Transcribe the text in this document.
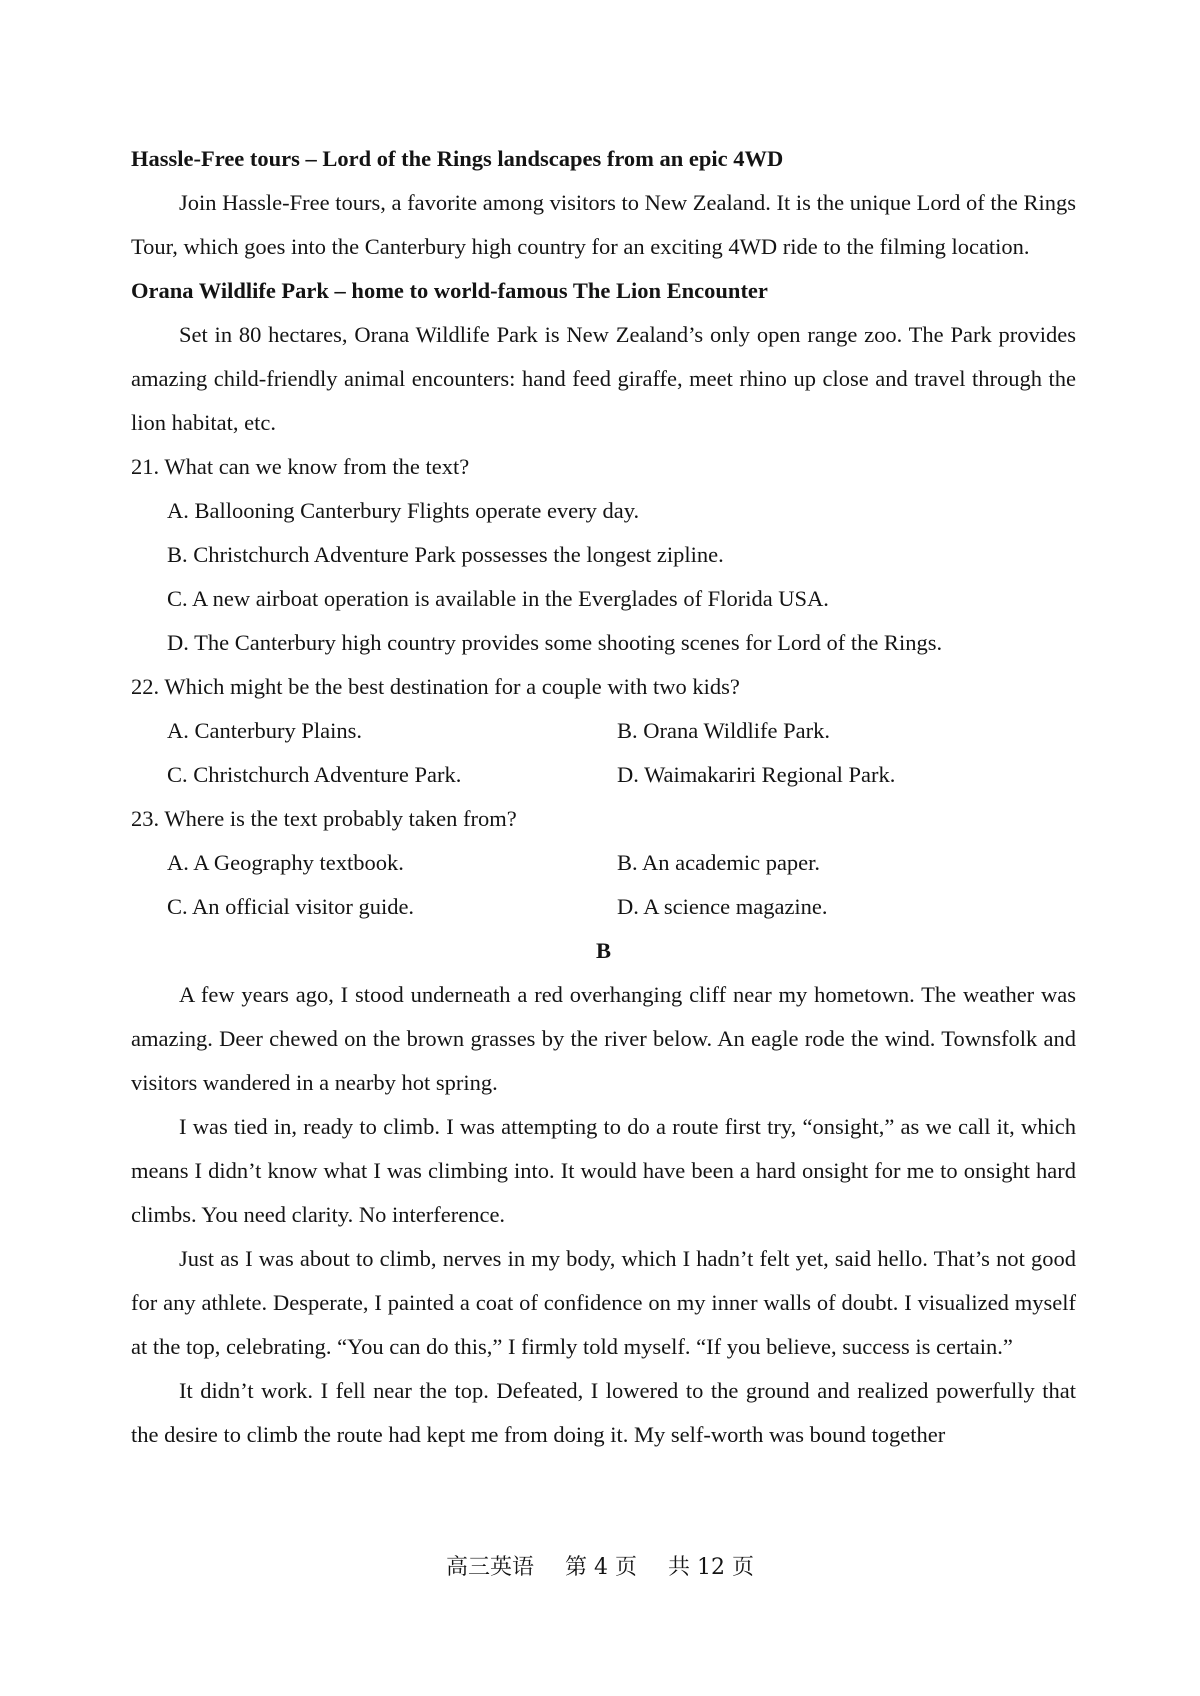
Hassle-Free tours – Lord of the Rings landscapes from an epic 4WD

Join Hassle-Free tours, a favorite among visitors to New Zealand. It is the unique Lord of the Rings Tour, which goes into the Canterbury high country for an exciting 4WD ride to the filming location.

Orana Wildlife Park – home to world-famous The Lion Encounter

Set in 80 hectares, Orana Wildlife Park is New Zealand’s only open range zoo. The Park provides amazing child-friendly animal encounters: hand feed giraffe, meet rhino up close and travel through the lion habitat, etc.

21. What can we know from the text?

A. Ballooning Canterbury Flights operate every day.

B. Christchurch Adventure Park possesses the longest zipline.

C. A new airboat operation is available in the Everglades of Florida USA.

D. The Canterbury high country provides some shooting scenes for Lord of the Rings.

22. Which might be the best destination for a couple with two kids?

A. Canterbury Plains.	B. Orana Wildlife Park.
C. Christchurch Adventure Park.	D. Waimakariri Regional Park.

23. Where is the text probably taken from?

A. A Geography textbook.	B. An academic paper.
C. An official visitor guide.	D. A science magazine.

B

A few years ago, I stood underneath a red overhanging cliff near my hometown. The weather was amazing. Deer chewed on the brown grasses by the river below. An eagle rode the wind. Townsfolk and visitors wandered in a nearby hot spring.

I was tied in, ready to climb. I was attempting to do a route first try, “onsight,” as we call it, which means I didn’t know what I was climbing into. It would have been a hard onsight for me to onsight hard climbs. You need clarity. No interference.

Just as I was about to climb, nerves in my body, which I hadn’t felt yet, said hello. That’s not good for any athlete. Desperate, I painted a coat of confidence on my inner walls of doubt. I visualized myself at the top, celebrating. “You can do this,” I firmly told myself. “If you believe, success is certain.”

It didn’t work. I fell near the top. Defeated, I lowered to the ground and realized powerfully that the desire to climb the route had kept me from doing it. My self-worth was bound together

高三英语 第 4 页 共 12 页
